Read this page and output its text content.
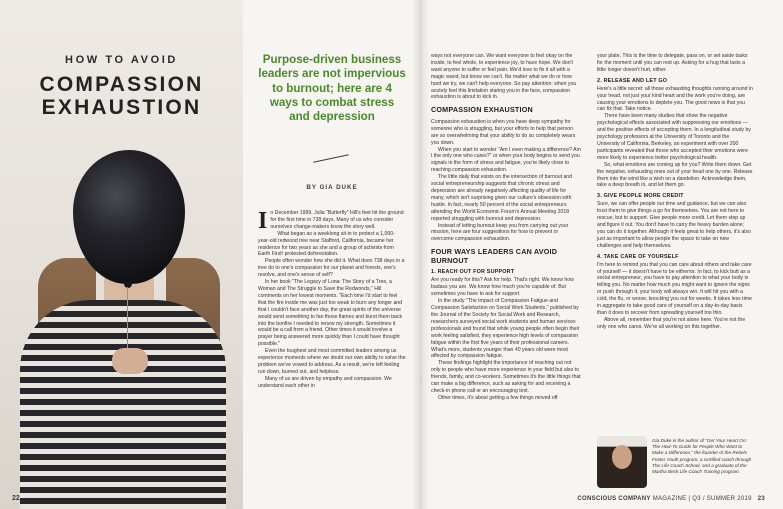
HOW TO AVOID
COMPASSION
EXHAUSTION
22
Purpose-driven business leaders are not impervious to burnout; here are 4 ways to combat stress and depression
BY GIA DUKE

In December 1999, Julia "Butterfly" Hill's feet hit the ground for the first time in 738 days. Many of us who consider ourselves change-makers know the story well.

What began as a weeklong sit-in to protect a 1,000-year-old redwood tree near Stafford, California, became her residence for two years as she and a group of activists from Earth First! protested deforestation.

People often wonder how she did it. What does 738 days in a tree do to one's compassion for our planet and forests, one's resolve, and one's sense of self?

In her book "The Legacy of Luna: The Story of a Tree, a Woman and The Struggle to Save the Redwoods," Hill comments on her lowest moments. "Each time I'd start to feel that the fire inside me was just too weak to burn any longer and that I couldn't face another day, the great spirits of the universe would send something to fan those flames and burst them back into the bonfire I needed to renew my strength. Sometimes it would be a call from a friend. Other times it would involve a prayer being answered more quickly than I could have thought possible."

Even the toughest and most committed leaders among us experience moments where we doubt our own ability to solve the problem we've vowed to address. As a result, we're left feeling run down, burned out, and helpless.

Many of us are driven by empathy and compassion. We understand each other in

ways not everyone can. We want everyone to feel okay on the inside, to feel whole, to experience joy, to have hope. We don't want anyone to suffer or feel pain. We'd love to fix it all with a magic wand, but know we can't. No matter what we do or how hard we try, we can't help everyone. So pay attention: when you acutely feel this limitation staring you in the face, compassion exhaustion is about to kick in.

COMPASSION EXHAUSTION

Compassion exhaustion is when you have deep sympathy for someone who is struggling, but your efforts to help that person are so overwhelming that your ability to do so completely wears you down.

When you start to wonder "Am I even making a difference? Am I the only one who cares?" or when your body begins to send you signals in the form of stress and fatigue, you're likely close to reaching compassion exhaustion.

The little daily that exists on the intersection of burnout and social entrepreneurship suggests that chronic stress and depression are already negatively affecting quality of life for many, which isn't surprising given our culture's obsession with hustle. In fact, nearly 50 percent of the social entrepreneurs attending the World Economic Forum's Annual Meeting 2018 reported struggling with burnout and depression.

Instead of letting burnout keep you from carrying out your mission, here are four suggestions for how to prevent or overcome compassion exhaustion.

FOUR WAYS LEADERS CAN AVOID BURNOUT
1. REACH OUT FOR SUPPORT

Are you ready for this? Ask for help. That's right. We know how badass you are. We know how much you're capable of. But sometimes you have to ask for support.

In the study "The Impact of Compassion Fatigue and Compassion Satisfaction on Social Work Students," published by the Journal of the Society for Social Work and Research, researchers surveyed social work students and human services professionals and found that while young people often begin their work feeling satisfied, they experience high levels of compassion fatigue within the first five years of their professional careers. What's more, students younger than 40 years old were most affected by compassion fatigue.

These findings highlight the importance of reaching out not only to people who have more experience in your field but also to friends, family, and co-workers. Sometimes it's the little things that can make a big difference, such as asking for and receiving a check-in phone call or an encouraging text.

Other times, it's about getting a few things moved off

your plate. This is the time to delegate, pass on, or set aside tasks for the moment until you can rest up. Asking for a hug that lasts a little longer doesn't hurt, either.

2. RELEASE AND LET GO

Here's a little secret: all those exhausting thoughts running around in your head, not just your kind heart and the work you're doing, are causing your emotions to deplete you. The good news is that you can fix that. Take notice.

There have been many studies that show the negative psychological effects associated with suppressing our emotions — and the positive effects of accepting them. In a longitudinal study by psychology professors at the University of Toronto and the University of California, Berkeley, an experiment with over 200 participants revealed that those who accepted their emotions were more likely to experience better psychological health.

So, what emotions are coming up for you? Write them down. Get the negative, exhausting ones out of your head one by one. Release them into the wind like a wish on a dandelion. Acknowledge them, take a deep breath in, and let them go.

3. GIVE PEOPLE MORE CREDIT

Sure, we can offer people our time and guidance, but we can also trust them to give things a go for themselves. You are not here to rescue, but to support. Give people more credit. Let them step up and figure it out. You don't have to carry the heavy burden alone; you can do it together. Although it feels great to help others, it's also just as important to allow people the space to take on new challenges and help themselves.

4. TAKE CARE OF YOURSELF

I'm here to remind you that you can care about others and take care of yourself — it doesn't have to be either/or. In fact, to kick butt as a social entrepreneur, you have to pay attention to what your body is telling you. No matter how much you might want to ignore the signs or push through it, your body will always win. It will hit you with a cold, the flu, or worse, knocking you out for weeks. It takes less time in aggregate to take good care of yourself on a day-to-day basis than it does to recover from spreading yourself too thin.

Above all, remember that you're not alone here. You're not the only one who cares. We're all working on this together.

Gia Duke is the author of "Get Your Heart On: The How-To Guide for People Who Want to Make a Difference," the founder of the Rebels Foster Youth program, a certified coach through The Life Coach School, and a graduate of the Martha Beck Life Coach Training program.
CONSCIOUS COMPANY MAGAZINE | Q3 / SUMMER 2019 23
